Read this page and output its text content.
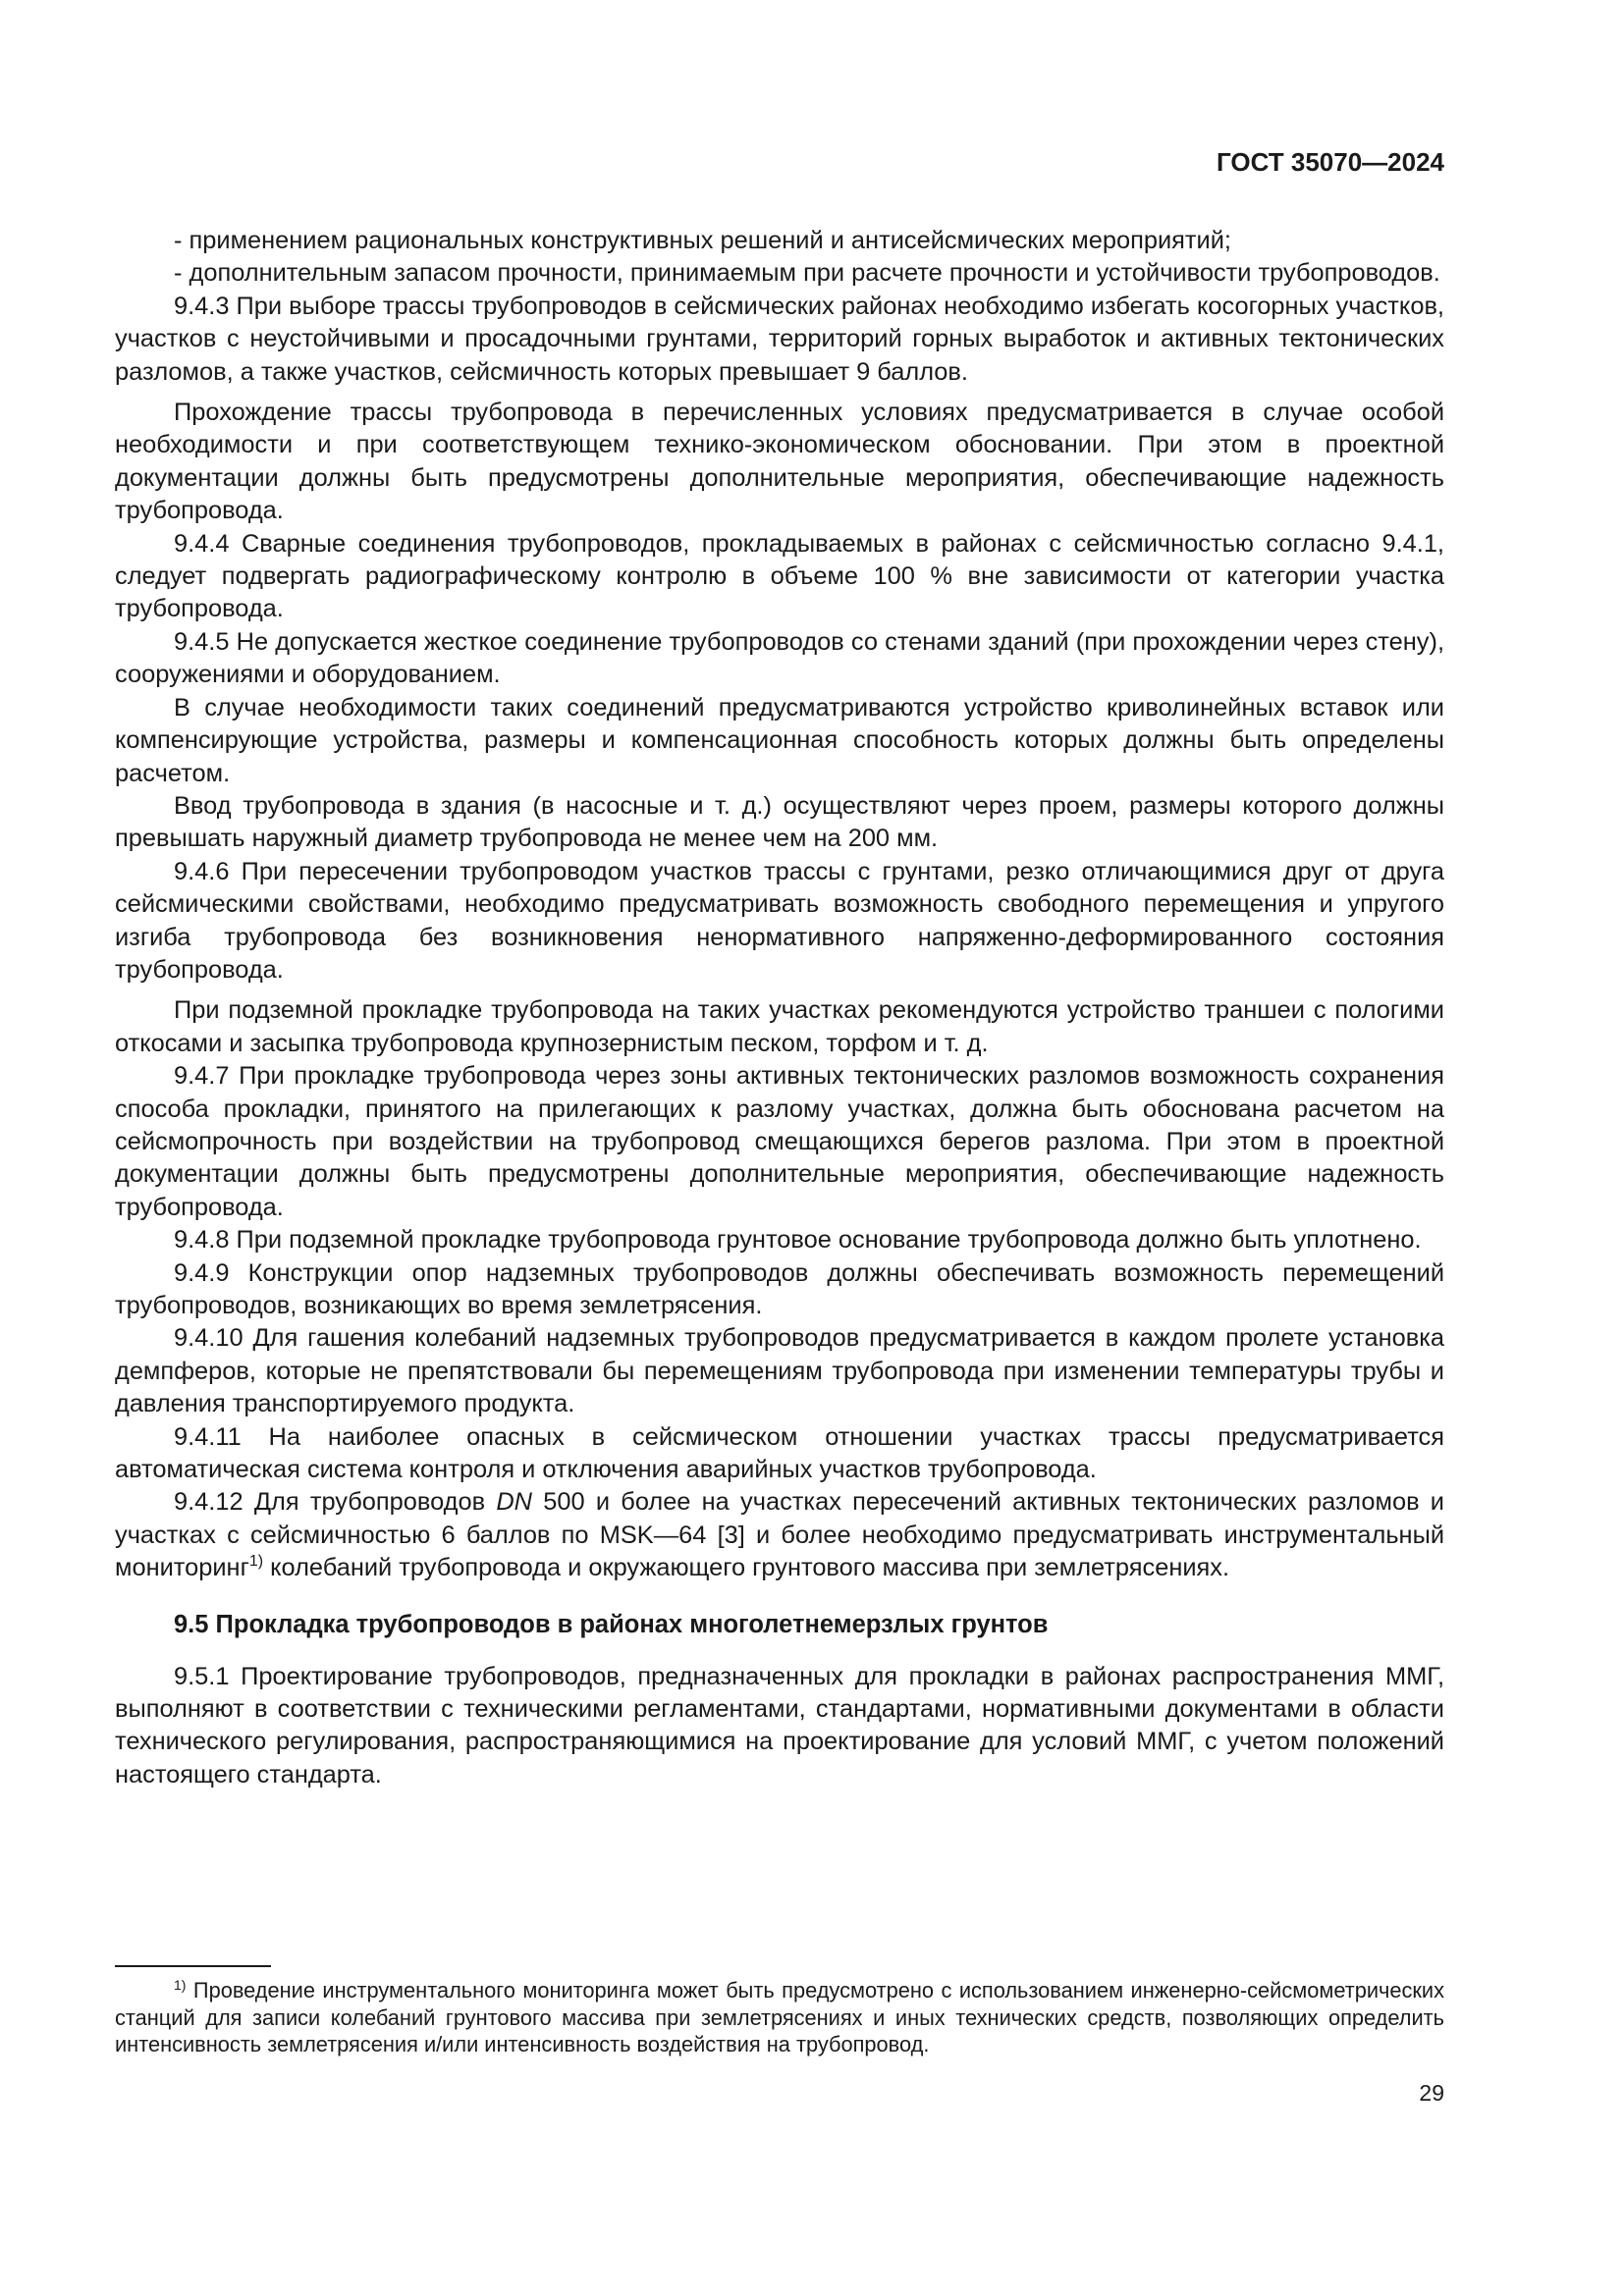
ГОСТ 35070—2024

- применением рациональных конструктивных решений и антисейсмических мероприятий;

- дополнительным запасом прочности, принимаемым при расчете прочности и устойчивости трубопроводов.

9.4.3 При выборе трассы трубопроводов в сейсмических районах необходимо избегать косогорных участков, участков с неустойчивыми и просадочными грунтами, территорий горных выработок и активных тектонических разломов, а также участков, сейсмичность которых превышает 9 баллов.

Прохождение трассы трубопровода в перечисленных условиях предусматривается в случае особой необходимости и при соответствующем технико-экономическом обосновании. При этом в проектной документации должны быть предусмотрены дополнительные мероприятия, обеспечивающие надежность трубопровода.

9.4.4 Сварные соединения трубопроводов, прокладываемых в районах с сейсмичностью согласно 9.4.1, следует подвергать радиографическому контролю в объеме 100 % вне зависимости от категории участка трубопровода.

9.4.5 Не допускается жесткое соединение трубопроводов со стенами зданий (при прохождении через стену), сооружениями и оборудованием.

В случае необходимости таких соединений предусматриваются устройство криволинейных вставок или компенсирующие устройства, размеры и компенсационная способность которых должны быть определены расчетом.

Ввод трубопровода в здания (в насосные и т. д.) осуществляют через проем, размеры которого должны превышать наружный диаметр трубопровода не менее чем на 200 мм.

9.4.6 При пересечении трубопроводом участков трассы с грунтами, резко отличающимися друг от друга сейсмическими свойствами, необходимо предусматривать возможность свободного перемещения и упругого изгиба трубопровода без возникновения ненормативного напряженно-деформированного состояния трубопровода.

При подземной прокладке трубопровода на таких участках рекомендуются устройство траншеи с пологими откосами и засыпка трубопровода крупнозернистым песком, торфом и т. д.

9.4.7 При прокладке трубопровода через зоны активных тектонических разломов возможность сохранения способа прокладки, принятого на прилегающих к разлому участках, должна быть обоснована расчетом на сейсмопрочность при воздействии на трубопровод смещающихся берегов разлома. При этом в проектной документации должны быть предусмотрены дополнительные мероприятия, обеспечивающие надежность трубопровода.

9.4.8 При подземной прокладке трубопровода грунтовое основание трубопровода должно быть уплотнено.

9.4.9 Конструкции опор надземных трубопроводов должны обеспечивать возможность перемещений трубопроводов, возникающих во время землетрясения.

9.4.10 Для гашения колебаний надземных трубопроводов предусматривается в каждом пролете установка демпферов, которые не препятствовали бы перемещениям трубопровода при изменении температуры трубы и давления транспортируемого продукта.

9.4.11 На наиболее опасных в сейсмическом отношении участках трассы предусматривается автоматическая система контроля и отключения аварийных участков трубопровода.

9.4.12 Для трубопроводов DN 500 и более на участках пересечений активных тектонических разломов и участках с сейсмичностью 6 баллов по MSK—64 [3] и более необходимо предусматривать инструментальный мониторинг$^{1)}$ колебаний трубопровода и окружающего грунтового массива при землетрясениях.

9.5 Прокладка трубопроводов в районах многолетнемерзлых грунтов

9.5.1 Проектирование трубопроводов, предназначенных для прокладки в районах распространения ММГ, выполняют в соответствии с техническими регламентами, стандартами, нормативными документами в области технического регулирования, распространяющимися на проектирование для условий ММГ, с учетом положений настоящего стандарта.

$^{1)}$ Проведение инструментального мониторинга может быть предусмотрено с использованием инженерно-сейсмометрических станций для записи колебаний грунтового массива при землетрясениях и иных технических средств, позволяющих определить интенсивность землетрясения и/или интенсивность воздействия на трубопровод.

29
